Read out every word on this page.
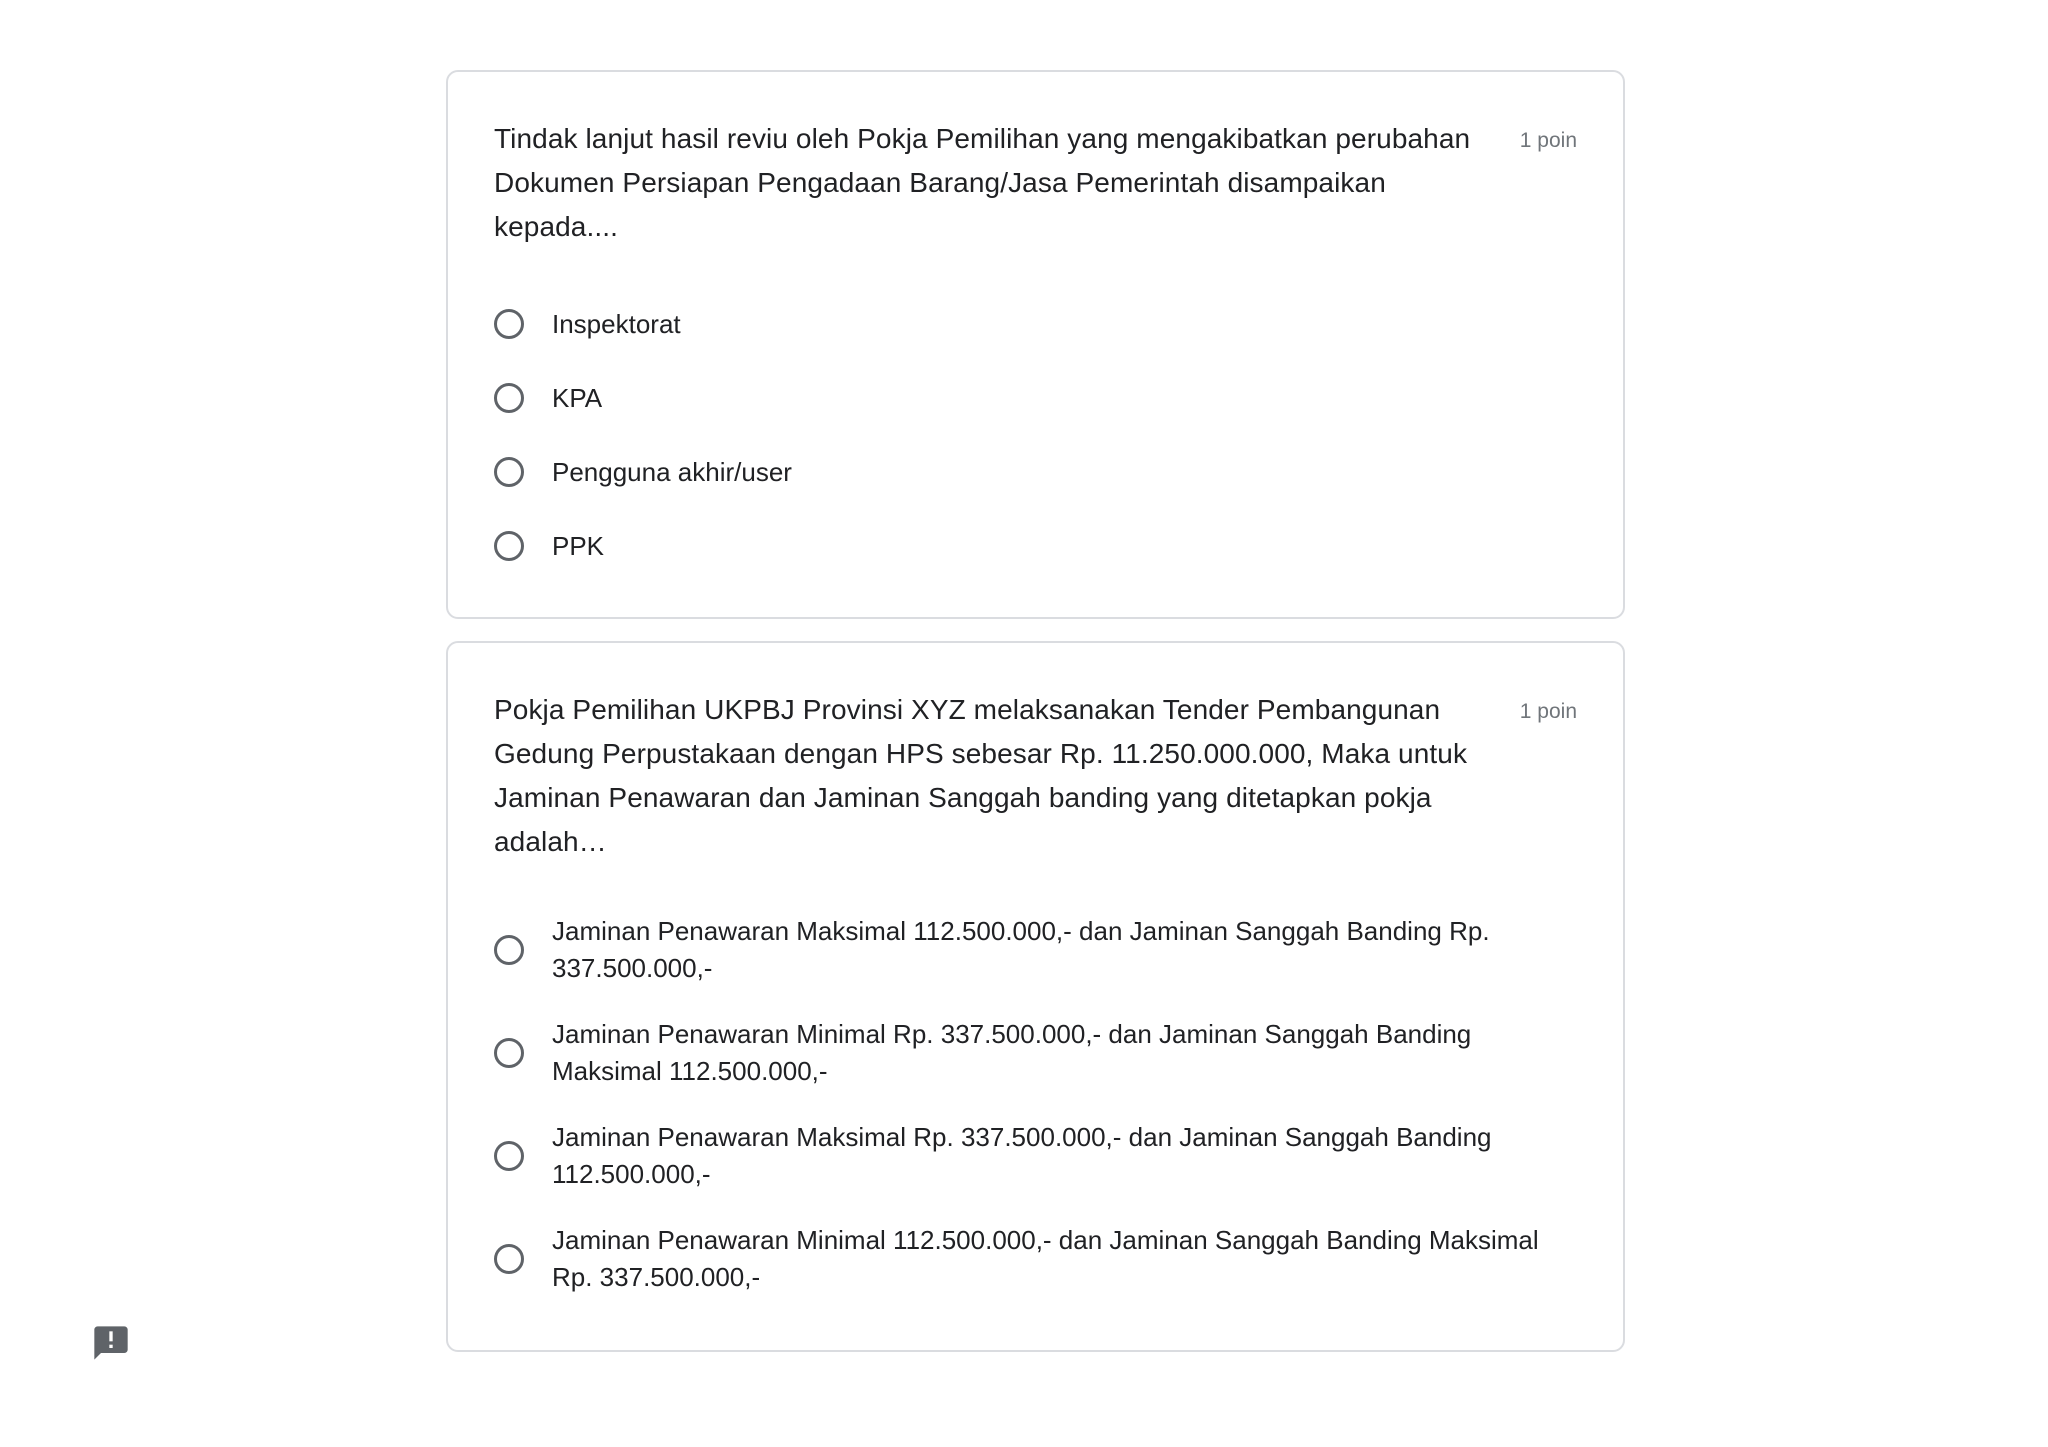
Tindak lanjut hasil reviu oleh Pokja Pemilihan yang mengakibatkan perubahan Dokumen Persiapan Pengadaan Barang/Jasa Pemerintah disampaikan kepada....
1 poin
Inspektorat
KPA
Pengguna akhir/user
PPK
Pokja Pemilihan UKPBJ Provinsi XYZ melaksanakan Tender Pembangunan Gedung Perpustakaan dengan HPS sebesar Rp. 11.250.000.000, Maka untuk Jaminan Penawaran dan Jaminan Sanggah banding yang ditetapkan pokja adalah…
1 poin
Jaminan Penawaran Maksimal 112.500.000,- dan Jaminan Sanggah Banding Rp. 337.500.000,-
Jaminan Penawaran Minimal Rp. 337.500.000,- dan Jaminan Sanggah Banding Maksimal 112.500.000,-
Jaminan Penawaran Maksimal Rp. 337.500.000,- dan Jaminan Sanggah Banding 112.500.000,-
Jaminan Penawaran Minimal 112.500.000,- dan Jaminan Sanggah Banding Maksimal Rp. 337.500.000,-
